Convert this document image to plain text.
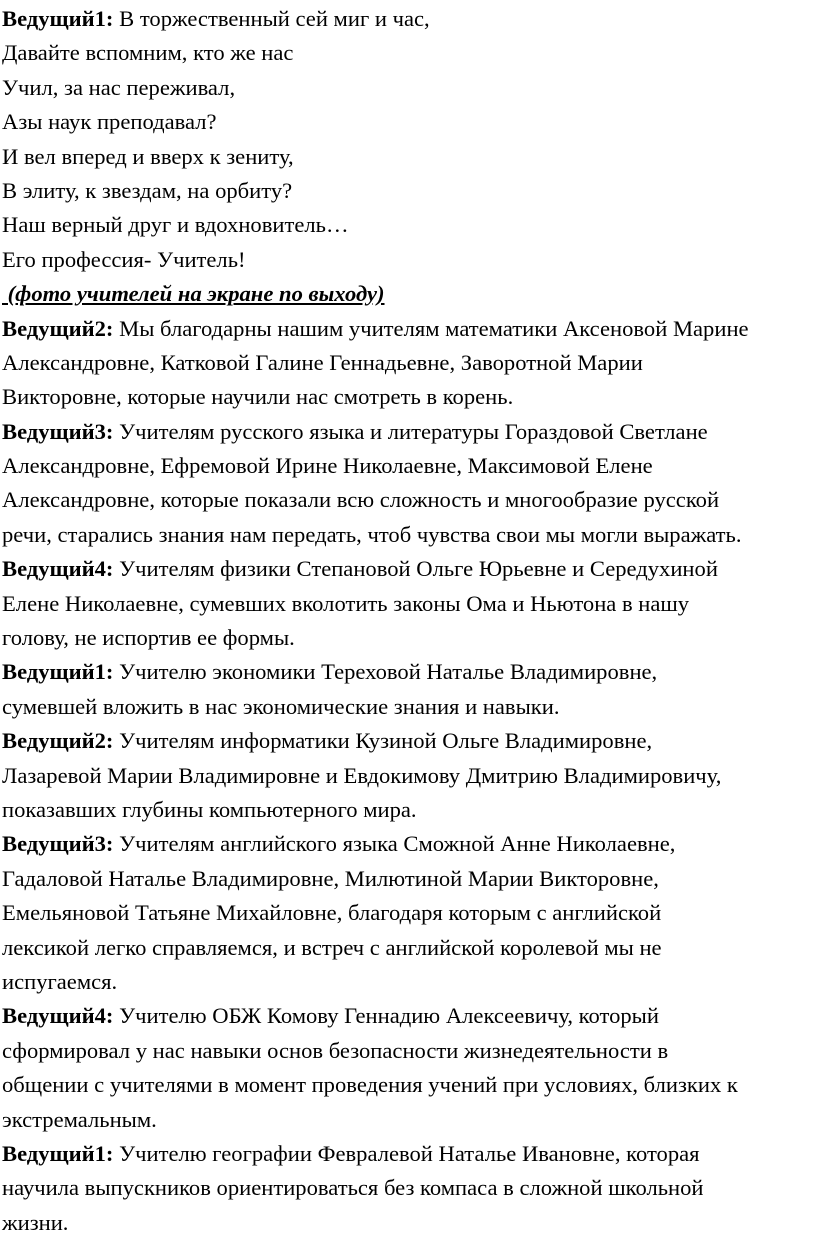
Ведущий1: В торжественный сей миг и час,
Давайте вспомним, кто же нас
Учил, за нас переживал,
Азы наук преподавал?
И вел вперед и вверх к зениту,
В элиту, к звездам, на орбиту?
Наш верный друг и вдохновитель…
Его профессия- Учитель!
(фото учителей на экране по выходу)
Ведущий2: Мы благодарны нашим учителям математики Аксеновой Марине
Александровне, Катковой Галине Геннадьевне, Заворотной Марии
Викторовне, которые научили нас смотреть в корень.
Ведущий3: Учителям русского языка и литературы Гораздовой Светлане
Александровне, Ефремовой Ирине Николаевне, Максимовой Елене
Александровне, которые показали всю сложность и многообразие русской
речи, старались знания нам передать, чтоб чувства свои мы могли выражать.
Ведущий4: Учителям физики Степановой Ольге Юрьевне и Середухиной
Елене Николаевне, сумевших вколотить законы Ома и Ньютона в нашу
голову, не испортив ее формы.
Ведущий1: Учителю экономики Тереховой Наталье Владимировне,
сумевшей вложить в нас экономические знания и навыки.
Ведущий2: Учителям информатики Кузиной Ольге Владимировне,
Лазаревой Марии Владимировне и Евдокимову Дмитрию Владимировичу,
показавших глубины компьютерного мира.
Ведущий3: Учителям английского языка Сможной Анне Николаевне,
Гадаловой Наталье Владимировне, Милютиной Марии Викторовне,
Емельяновой Татьяне Михайловне, благодаря которым с английской
лексикой легко справляемся, и встреч с английской королевой мы не
испугаемся.
Ведущий4: Учителю ОБЖ Комову Геннадию Алексеевичу, который
сформировал у нас навыки основ безопасности жизнедеятельности в
общении с учителями в момент проведения учений при условиях, близких к
экстремальным.
Ведущий1: Учителю географии Февралевой Наталье Ивановне, которая
научила выпускников ориентироваться без компаса в сложной школьной
жизни.
